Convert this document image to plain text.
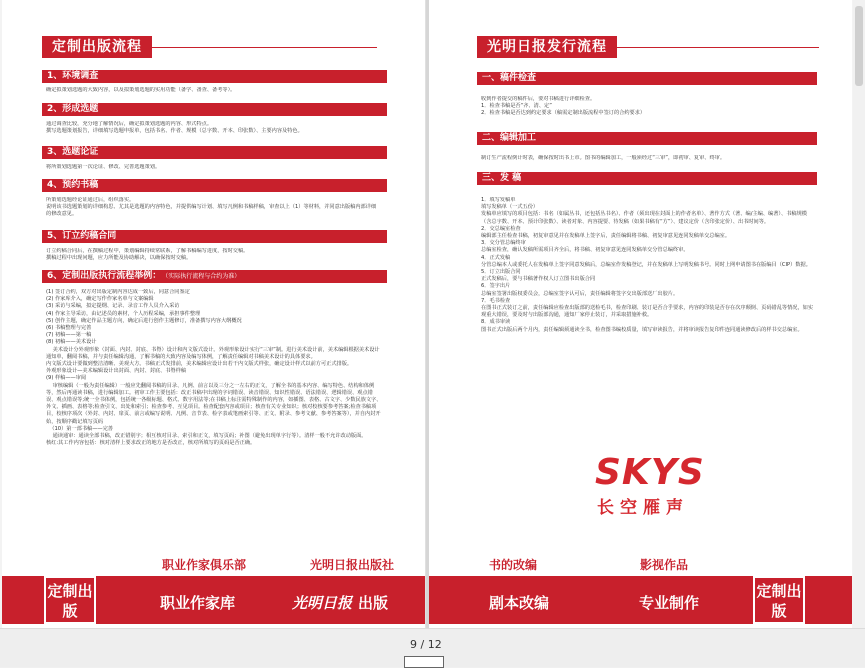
定制出版流程
1、环境调查
确定拟策划选题的大致内容，以及拟策划选题的实用功能（备学、备查、备考等）。
2、形成选题
通过调查比较，充分地了解情况后，确定拟策划选题的内容、形式特点。
撰写选题策划报告，详细填写选题申报单，包括书名、作者、规模（总字数、开本、印张数）、主要内容及特色。
3、选题论证
将所策划选题第一次论证、修改、完善选题策划。
4、预约书稿
所策划选题经论证通过后，组织落实。
说明该书选题策划的详细构思、尤其是选题的内容特色，并提供编写计划、填写凡例和书稿样稿，审查以上（1）等材料，并同意出版稿内部详细的修改意见。
5、订立约稿合同
订立约稿合同后，在撰稿过程中，策划编辑持续常联系，了解书稿编写进度，按时交稿。
撰稿过程中出现问题，应力所能及协助解决，以确保按时交稿。
6、定制出版执行流程举例： （实际执行流程与合约为准）
(1) 签订合约，双方对出版定制内容达成一致后，同意合同鉴定
(2) 作家库介入，确定写作作家名单与文案编辑
(3) 采访与采编，拟定提纲、记录、录音工作人员介入采访
(4) 作家主导采访，由记述员的素材，个人历程采编，承担事件整理
(5) 创作主题，确定作品主题方向，确定后进行创作主题修订，准备撰写内容大纲概况
(6) 书稿整理与完善
(7) 初稿——第一稿
(8) 初稿——美术设计
美术设计分外观形象（封面、内封、封底、书脊）设计和内文版式设计。外观形象设计实行“三审”制。进行美术设计前，美术编辑根据美术设计通知单，翻阅书稿，并与责任编辑沟通，了解书稿的大致内容及编写体例，了解责任编辑对书稿美术设计的具体要求。
内文版式设计要做到整洁清晰、美观大方。书稿正式发排前，美术编辑应设计出若干内文版式样张，确定设计样式以前方可正式排版。
外观形象设计—美术编辑设计出封面、内封、封底、书脊样稿
(9) 样稿——审阅
审核编辑（一般为责任编辑）一般应先翻阅书稿的目录、凡例、前言以及三分之一左右的正文，了解全书的基本内容、编写特色、结构和体例等，然后再通读书稿，进行编辑加工。初审工作主要包括：改正书稿中出现的字词错误、读音错误、知识性错误、语法错误、逻辑错误、观点错误、观点错误等;统一全书体例，包括统一各级标题、格式、数字用法等;在书稿上标注需特殊制作的内容，如插图、表格、古文字、少数民族文字、外文、插画、表格等;检查引文、出处和索引；检查参考、互见项目。检查配套内容或项目；核查有关专业知识；核对校核要参考答案;检查书稿项目，校核序项次（外封、内封、扉页、前言或编写说明、凡例、音节表、检字表或笔画索引等、正文、附录、参考文献、参考答案等），并自内封开始，按顺序戳记填写页码
（10）第一部书稿——完善
通读通审：通读全部书稿，改正错别字；相互核对目录、索引和正文，填写页码；补图（避免出现单字行等）。清样一般不允许改动版面。
核红:其工作内容包括：核对清样上要求改正的地方是否改正，核对所填写的页码是否正确。
职业作家俱乐部	光明日报出版社
定制出版	职业作家库	光明日报 出版
光明日报发行流程
一、稿件检查
收到作者提交的稿件后，要对书稿进行详细检查。
1．检查书稿是否“齐、清、定”
2．检查书稿是否达到约定要求（稿需定制出版流程中签订的合约要求）
二、编辑加工
制订生产流程倒计时表，确保按时出书上市。图书的编辑加工，一般须经过“三审”，即初审、复审、终审。
三、发 稿
1．填写发稿单
填写发稿单（一式五份）
发稿单应填写的项目包括：书名（如属丛书，还包括丛书名）、作者（须出现在封面上的作者名单）、著作方式（著、编/主编、编著）、书稿规模（含总字数、开本、预计印张数）、读者对象、内容提要、待发稿（如果书稿有“方”）、建议定价（含印张定价）、出书时间等。
2．交总编室检查
编辑部主任检查书稿，初复审意见并在发稿单上签字后，责任编辑将书稿、初复审意见连同发稿单交总编室。
3．交分管总编终审
总编室检查，确认发稿所需项目齐全后，将书稿、初复审意见连同发稿单交分管总编终审。
4．正式发稿
分管总编本人或委托人在发稿单上签字同意发稿后，总编室作发稿登记，并在发稿单上写明发稿书号。同时上网申请图书在版编目（CIP）数据。
5．订立出版合同
正式发稿后，要与书稿著作权人订立图书出版合同
6．签字出片
总编室签署出版权委员会，总编室签字认可后，责任编辑将签字交出版部送厂出胶片。
7．毛书检查
在图书正式装订之前，责任编辑应检查出版部的送检毛书，检查印刷、装订是否合乎要求，内容的印装是否存在次序颠倒、页码错乱等情况，如实观重大错误，要及时与出版部沟通，通知厂家停止装订，并采取措施补救。
8．成书审读
图书正式出版后两个月内，责任编辑须通读全书，检查图书编校质量，填写审读报告，并将审读报告复印件连同通读修改后的样书交总编室。
SKYS
长空雁声
书的改编	影视作品
剧本改编	专业制作
定制出版
9 / 12
